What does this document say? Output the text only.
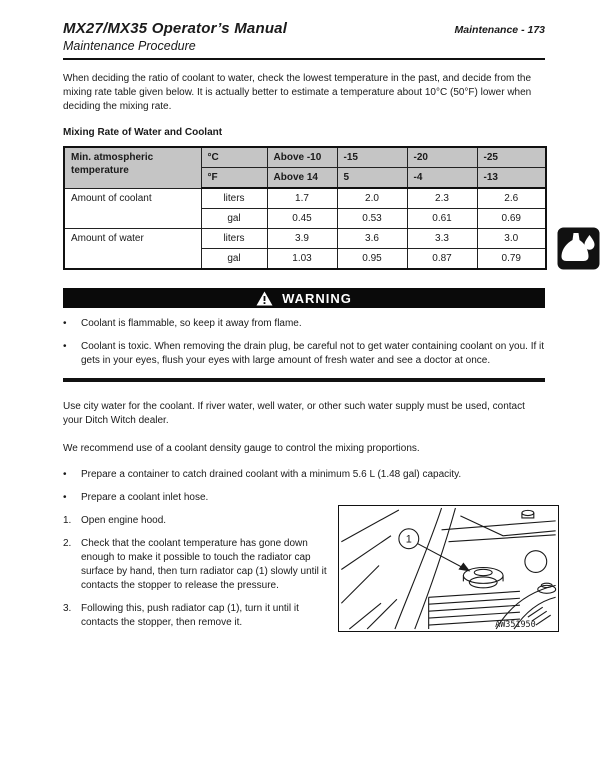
MX27/MX35 Operator’s Manual
Maintenance Procedure
Maintenance - 173

When deciding the ratio of coolant to water, check the lowest temperature in the past, and decide from the mixing rate table given below. It is actually better to estimate a temperature about 10°C (50°F) lower when deciding the mixing rate.

Mixing Rate of Water and Coolant
Min. atmospheric temperature	°C	Above -10	-15	-20	-25
	°F	Above 14	5	-4	-13
Amount of coolant	liters	1.7	2.0	2.3	2.6
	gal	0.45	0.53	0.61	0.69
Amount of water	liters	3.9	3.6	3.3	3.0
	gal	1.03	0.95	0.87	0.79
WARNING
•	Coolant is flammable, so keep it away from flame.
•	Coolant is toxic. When removing the drain plug, be careful not to get water containing coolant on you. If it gets in your eyes, flush your eyes with large amount of fresh water and see a doctor at once.

Use city water for the coolant. If river water, well water, or other such water supply must be used, contact your Ditch Witch dealer.

We recommend use of a coolant density gauge to control the mixing proportions.

•	Prepare a container to catch drained coolant with a minimum 5.6 L (1.48 gal) capacity.
•	Prepare a coolant inlet hose.
1. Open engine hood.
2. Check that the coolant temperature has gone down enough to make it possible to touch the radiator cap surface by hand, then turn radiator cap (1) slowly until it contacts the stopper to release the pressure.
3. Following this, push radiator cap (1), turn it until it contacts the stopper, then remove it.
1
AW351950
